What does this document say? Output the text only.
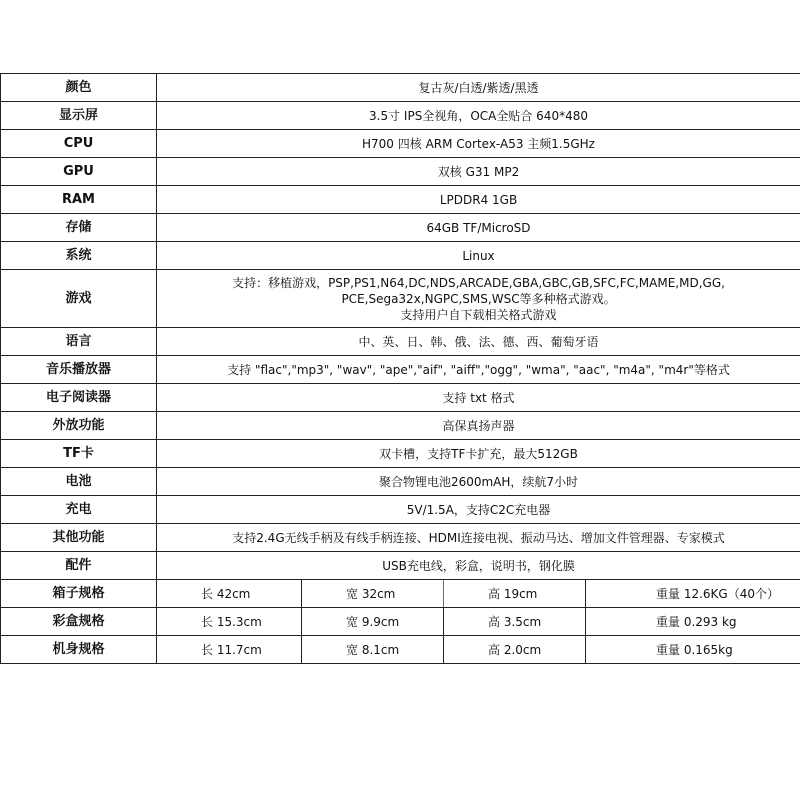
颜色	复古灰/白透/紫透/黑透			
显示屏	3.5寸 IPS全视角，OCA全贴合 640*480			
CPU	H700 四核 ARM Cortex-A53 主频1.5GHz			
GPU	双核 G31 MP2			
RAM	LPDDR4 1GB			
存储	64GB TF/MicroSD			
系统	Linux			
游戏	支持：移植游戏，PSP,PS1,N64,DC,NDS,ARCADE,GBA,GBC,GB,SFC,FC,MAME,MD,GG,
PCE,Sega32x,NGPC,SMS,WSC等多种格式游戏。
支持用户自下载相关格式游戏			

语言	中、英、日、韩、俄、法、德、西、葡萄牙语			
音乐播放器	支持 "flac","mp3", "wav", "ape","aif", "aiff","ogg", "wma", "aac", "m4a", "m4r"等格式			
电子阅读器	支持 txt 格式			
外放功能	高保真扬声器			
TF卡	双卡槽，支持TF卡扩充，最大512GB			
电池	聚合物锂电池2600mAH，续航7小时			
充电	5V/1.5A，支持C2C充电器			
其他功能	支持2.4G无线手柄及有线手柄连接、HDMI连接电视、振动马达、增加文件管理器、专家模式			
配件	USB充电线，彩盒，说明书，钢化膜			
箱子规格	长 42cm	宽 32cm	高 19cm	重量 12.6KG（40个）
彩盒规格	长 15.3cm	宽 9.9cm	高 3.5cm	重量 0.293 kg
机身规格	长 11.7cm	宽 8.1cm	高 2.0cm	重量 0.165kg
